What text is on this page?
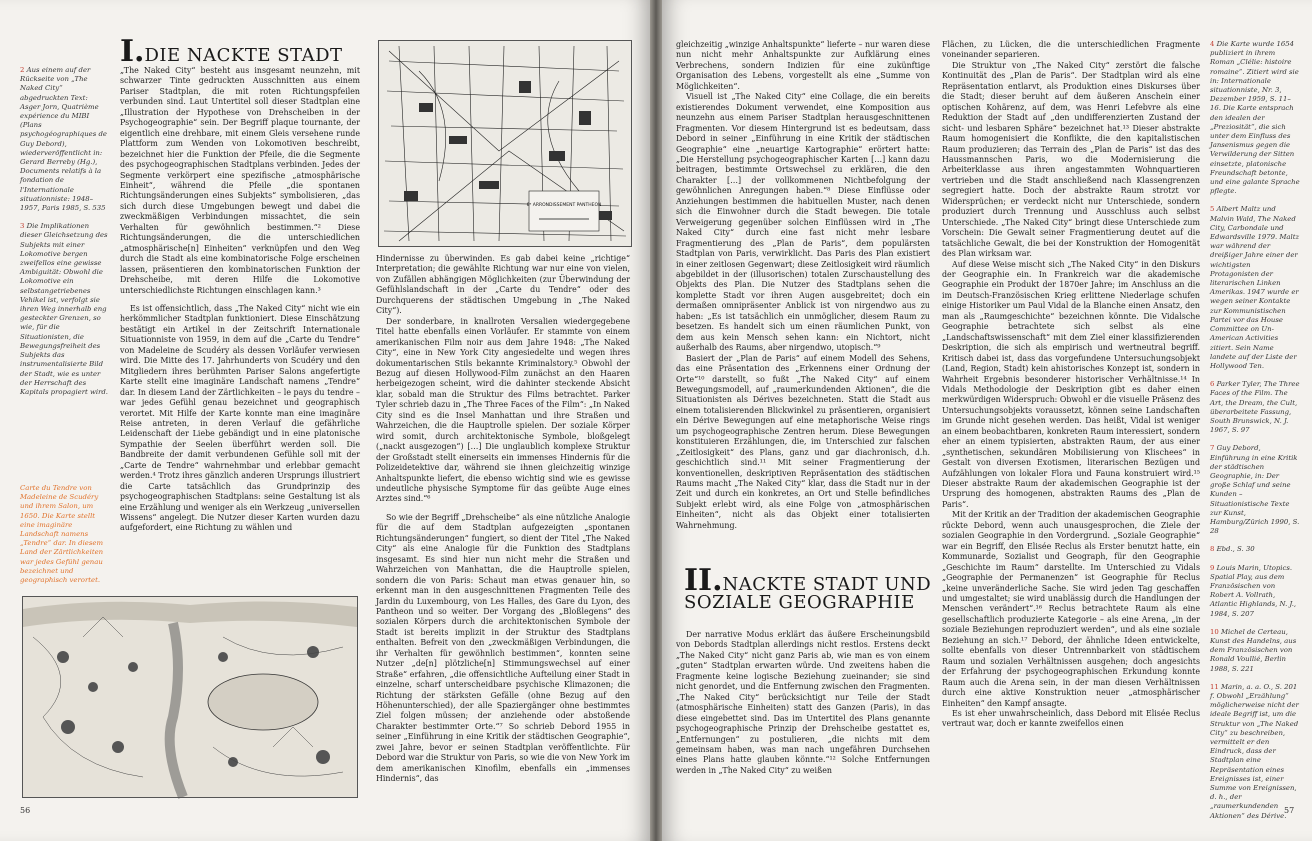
2 Aus einem auf der Rückseite von „The Naked City“ abgedruckten Text: Asger Jorn, Quatrième expérience du MIBI (Plans psychogéographiques de Guy Debord), wiederveröffentlicht in: Gerard Berreby (Hg.), Documents relatifs à la fondation de l'Internationale situationniste: 1948–1957, Paris 1985, S. 535

3 Die Implikationen dieser Gleichsetzung des Subjekts mit einer Lokomotive bergen zweifellos eine gewisse Ambiguität: Obwohl die Lokomotive ein selbstangetriebenes Vehikel ist, verfolgt sie ihren Weg innerhalb eng gesteckter Grenzen, so wie, für die Situationisten, die Bewegungsfreiheit des Subjekts das instrumentalisierte Bild der Stadt, wie es unter der Herrschaft des Kapitals propagiert wird.

Carte du Tendre von Madeleine de Scudéry und ihrem Salon, um 1650. Die Karte stellt eine imaginäre Landschaft namens „Tendre“ dar. In diesem Land der Zärtlichkeiten war jedes Gefühl genau bezeichnet und geographisch verortet.
I.DIE NACKTE STADT

„The Naked City“ besteht aus insgesamt neunzehn, mit schwarzer Tinte gedruckten Ausschnitten aus einem Pariser Stadtplan, die mit roten Richtungspfeilen verbunden sind. Laut Untertitel soll dieser Stadtplan eine „Illustration der Hypothese von Drehscheiben in der Psychogeographie“ sein. Der Begriff plaque tournante, der eigentlich eine drehbare, mit einem Gleis versehene runde Plattform zum Wenden von Lokomotiven beschreibt, bezeichnet hier die Funktion der Pfeile, die die Segmente des psychogeographischen Stadtplans verbinden. Jedes der Segmente verkörpert eine spezifische „atmosphärische Einheit“, während die Pfeile „die spontanen Richtungsänderungen eines Subjekts“ symbolisieren, „das sich durch diese Umgebungen bewegt und dabei die zweckmäßigen Verbindungen missachtet, die sein Verhalten für gewöhnlich bestimmen.“² Diese Richtungsänderungen, die die unterschiedlichen „atmosphärische[n] Einheiten“ verknüpfen und den Weg durch die Stadt als eine kombinatorische Folge erscheinen lassen, präsentieren den kombinatorischen Funktion der Drehscheibe, mit deren Hilfe die Lokomotive unterschiedlichste Richtungen einschlagen kann.³

Es ist offensichtlich, dass „The Naked City“ nicht wie ein herkömmlicher Stadtplan funktioniert. Diese Einschätzung bestätigt ein Artikel in der Zeitschrift Internationale Situationniste von 1959, in dem auf die „Carte du Tendre“ von Madeleine de Scudéry als dessen Vorläufer verwiesen wird. Die Mitte des 17. Jahrhunderts von Scudéry und den Mitgliedern ihres berühmten Pariser Salons angefertigte Karte stellt eine imaginäre Landschaft namens „Tendre“ dar. In diesem Land der Zärtlichkeiten – le pays du tendre – war jedes Gefühl genau bezeichnet und geographisch verortet. Mit Hilfe der Karte konnte man eine imaginäre Reise antreten, in deren Verlauf die gefährliche Leidenschaft der Liebe gebändigt und in eine platonische Sympathie der Seelen überführt werden soll. Die Bandbreite der damit verbundenen Gefühle soll mit der „Carte de Tendre“ wahrnehmbar und erlebbar gemacht werden.⁴ Trotz ihres gänzlich anderen Ursprungs illustriert die Carte tatsächlich das Grundprinzip des psychogeographischen Stadtplans: seine Gestaltung ist als eine Erzählung und weniger als ein Werkzeug „universellen Wissens“ angelegt. Die Nutzer dieser Karten wurden dazu aufgefordert, eine Richtung zu wählen und

6ᵉ ARRONDISSEMENT PANTHEON

Hindernisse zu überwinden. Es gab dabei keine „richtige“ Interpretation; die gewählte Richtung war nur eine von vielen, von Zufällen abhängigen Möglichkeiten (zur Überwindung der Gefühlslandschaft in der „Carte du Tendre“ oder des Durchquerens der städtischen Umgebung in „The Naked City“).

Der sonderbare, in knallroten Versalien wiedergegebene Titel hatte ebenfalls einen Vorläufer. Er stammte von einem amerikanischen Film noir aus dem Jahre 1948: „The Naked City“, eine in New York City angesiedelte und wegen ihres dokumentarischen Stils bekannte Kriminalstory.⁵ Obwohl der Bezug auf diesen Hollywood-Film zunächst an den Haaren herbeigezogen scheint, wird die dahinter steckende Absicht klar, sobald man die Struktur des Films betrachtet. Parker Tyler schrieb dazu in „The Three Faces of the Film“: „In Naked City sind es die Insel Manhattan und ihre Straßen und Wahrzeichen, die die Hauptrolle spielen. Der soziale Körper wird somit, durch architektonische Symbole, bloßgelegt („nackt ausgezogen“) […] Die unglaublich komplexe Struktur der Großstadt stellt einerseits ein immenses Hindernis für die Polizeidetektive dar, während sie ihnen gleichzeitig winzige Anhaltspunkte liefert, die ebenso wichtig sind wie es gewisse undeutliche physische Symptome für das geübte Auge eines Arztes sind.“⁶

So wie der Begriff „Drehscheibe“ als eine nützliche Analogie für die auf dem Stadtplan aufgezeigten „spontanen Richtungsänderungen“ fungiert, so dient der Titel „The Naked City“ als eine Analogie für die Funktion des Stadtplans insgesamt. Es sind hier nun nicht mehr die Straßen und Wahrzeichen von Manhattan, die die Hauptrolle spielen, sondern die von Paris: Schaut man etwas genauer hin, so erkennt man in den ausgeschnittenen Fragmenten Teile des Jardin du Luxembourg, von Les Halles, des Gare du Lyon, des Pantheon und so weiter. Der Vorgang des „Bloßlegens“ des sozialen Körpers durch die architektonischen Symbole der Stadt ist bereits implizit in der Struktur des Stadtplans enthalten. Befreit von den „zweckmäßigen Verbindungen, die ihr Verhalten für gewöhnlich bestimmen“, konnten seine Nutzer „de[n] plötzliche[n] Stimmungswechsel auf einer Straße“ erfahren, „die offensichtliche Aufteilung einer Stadt in einzelne, scharf unterscheidbare psychische Klimazonen; die Richtung der stärksten Gefälle (ohne Bezug auf den Höhenunterschied), der alle Spaziergänger ohne bestimmtes Ziel folgen müssen; der anziehende oder abstoßende Charakter bestimmter Orte.“⁷ So schrieb Debord 1955 in seiner „Einführung in eine Kritik der städtischen Geographie“, zwei Jahre, bevor er seinen Stadtplan veröffentlichte. Für Debord war die Struktur von Paris, so wie die von New York im dem amerikanischen Kinofilm, ebenfalls ein „immenses Hindernis“, das

56

gleichzeitig „winzige Anhaltspunkte“ lieferte – nur waren diese nun nicht mehr Anhaltspunkte zur Aufklärung eines Verbrechens, sondern Indizien für eine zukünftige Organisation des Lebens, vorgestellt als eine „Summe von Möglichkeiten“.

Visuell ist „The Naked City“ eine Collage, die ein bereits existierendes Dokument verwendet, eine Komposition aus neunzehn aus einem Pariser Stadtplan herausgeschnittenen Fragmenten. Vor diesem Hintergrund ist es bedeutsam, dass Debord in seiner „Einführung in eine Kritik der städtischen Geographie“ eine „neuartige Kartographie“ erörtert hatte: „Die Herstellung psychogeographischer Karten […] kann dazu beitragen, bestimmte Ortswechsel zu erklären, die den Charakter […] der vollkommenen Nichtbefolgung der gewöhnlichen Anregungen haben.“⁸ Diese Einflüsse oder Anziehungen bestimmen die habituellen Muster, nach denen sich die Einwohner durch die Stadt bewegen. Die totale Verweigerung gegenüber solchen Einflüssen wird in „The Naked City“ durch eine fast nicht mehr lesbare Fragmentierung des „Plan de Paris“, dem populärsten Stadtplan von Paris, verwirklicht. Das Paris des Plan existiert in einer zeitlosen Gegenwart; diese Zeitlosigkeit wird räumlich abgebildet in der (illusorischen) totalen Zurschaustellung des Objekts des Plan. Die Nutzer des Stadtplans sehen die komplette Stadt vor ihren Augen ausgebreitet; doch ein dermaßen omnipräsenter Anblick ist von nirgendwo aus zu haben: „Es ist tatsächlich ein unmöglicher, diesem Raum zu besetzen. Es handelt sich um einen räumlichen Punkt, von dem aus kein Mensch sehen kann: ein Nichtort, nicht außerhalb des Raums, aber nirgendwo, utopisch.“⁹

Basiert der „Plan de Paris“ auf einem Modell des Sehens, das eine Präsentation des „Erkennens einer Ordnung der Orte“¹⁰ darstellt, so fußt „The Naked City“ auf einem Bewegungsmodell, auf „raumerkundenden Aktionen“, die die Situationisten als Dérives bezeichneten. Statt die Stadt aus einem totalisierenden Blickwinkel zu präsentieren, organisiert ein Dérive Bewegungen auf eine metaphorische Weise rings um psychogeographische Zentren herum. Diese Bewegungen konstituieren Erzählungen, die, im Unterschied zur falschen „Zeitlosigkeit“ des Plans, ganz und gar diachronisch, d.h. geschichtlich sind.¹¹ Mit seiner Fragmentierung der konventionellen, deskriptiven Repräsentation des städtischen Raums macht „The Naked City“ klar, dass die Stadt nur in der Zeit und durch ein konkretes, an Ort und Stelle befindliches Subjekt erlebt wird, als eine Folge von „atmosphärischen Einheiten“, nicht als das Objekt einer totalisierten Wahrnehmung.

II.NACKTE STADT UND
SOZIALE GEOGRAPHIE

Der narrative Modus erklärt das äußere Erscheinungsbild von Debords Stadtplan allerdings nicht restlos. Erstens deckt „The Naked City“ nicht ganz Paris ab, wie man es von einem „guten“ Stadtplan erwarten würde. Und zweitens haben die Fragmente keine logische Beziehung zueinander; sie sind nicht genordet, und die Entfernung zwischen den Fragmenten. „The Naked City“ berücksichtigt nur Teile der Stadt (atmosphärische Einheiten) statt des Ganzen (Paris), in das diese eingebettet sind. Das im Untertitel des Plans genannte psychogeographische Prinzip der Drehscheibe gestattet es, „Entfernungen“ zu postulieren, „die nichts mit dem gemeinsam haben, was man nach ungefähren Durchsehen eines Plans hatte glauben könnte.“¹² Solche Entfernungen werden in „The Naked City“ zu weißen

Flächen, zu Lücken, die die unterschiedlichen Fragmente voneinander separieren.

Die Struktur von „The Naked City“ zerstört die falsche Kontinuität des „Plan de Paris“. Der Stadtplan wird als eine Repräsentation entlarvt, als Produktion eines Diskurses über die Stadt; dieser beruht auf dem äußeren Anschein einer optischen Kohärenz, auf dem, was Henri Lefebvre als eine Reduktion der Stadt auf „den undifferenzierten Zustand der sicht- und lesbaren Sphäre“ bezeichnet hat.¹³ Dieser abstrakte Raum homogenisiert die Konflikte, die den kapitalistischen Raum produzieren; das Terrain des „Plan de Paris“ ist das des Haussmannschen Paris, wo die Modernisierung die Arbeiterklasse aus ihren angestammten Wohnquartieren vertrieben und die Stadt anschließend nach Klassengrenzen segregiert hatte. Doch der abstrakte Raum strotzt vor Widersprüchen; er verdeckt nicht nur Unterschiede, sondern produziert durch Trennung und Ausschluss auch selbst Unterschiede. „The Naked City“ bringt diese Unterschiede zum Vorschein: Die Gewalt seiner Fragmentierung deutet auf die tatsächliche Gewalt, die bei der Konstruktion der Homogenität des Plan wirksam war.

Auf diese Weise mischt sich „The Naked City“ in den Diskurs der Geographie ein. In Frankreich war die akademische Geographie ein Produkt der 1870er Jahre; im Anschluss an die im Deutsch-Französischen Krieg erlittene Niederlage schufen einige Historiker um Paul Vidal de la Blanche einen Ansatz, den man als „Raumgeschichte“ bezeichnen könnte. Die Vidalsche Geographie betrachtete sich selbst als eine „Landschaftswissenschaft“ mit dem Ziel einer klassifizierenden Deskription, die sich als empirisch und wertneutral begriff. Kritisch dabei ist, dass das vorgefundene Untersuchungsobjekt (Land, Region, Stadt) kein ahistorisches Konzept ist, sondern in Wahrheit Ergebnis besonderer historischer Verhältnisse.¹⁴ In Vidals Methodologie der Deskription gibt es daher einen merkwürdigen Widerspruch: Obwohl er die visuelle Präsenz des Untersuchungsobjekts voraussetzt, können seine Landschaften im Grunde nicht gesehen werden. Das heißt, Vidal ist weniger an einem beobachtbaren, konkreten Raum interessiert, sondern eher an einem typisierten, abstrakten Raum, der aus einer „synthetischen, sekundären Mobilisierung von Klischees“ in Gestalt von diversen Exotismen, literarischen Bezügen und Aufzählungen von lokaler Flora und Fauna konstruiert wird.¹⁵ Dieser abstrakte Raum der akademischen Geographie ist der Ursprung des homogenen, abstrakten Raums des „Plan de Paris“.

Mit der Kritik an der Tradition der akademischen Geographie rückte Debord, wenn auch unausgesprochen, die Ziele der sozialen Geographie in den Vordergrund. „Soziale Geographie“ war ein Begriff, den Elisée Reclus als Erster benutzt hatte, ein Kommunarde, Sozialist und Geograph, für den Geographie „Geschichte im Raum“ darstellte. Im Unterschied zu Vidals „Geographie der Permanenzen“ ist Geographie für Reclus „keine unveränderliche Sache. Sie wird jeden Tag geschaffen und umgestaltet; sie wird unablässig durch die Handlungen der Menschen verändert“.¹⁶ Reclus betrachtete Raum als eine gesellschaftlich produzierte Kategorie – als eine Arena, „in der soziale Beziehungen reproduziert werden“, und als eine soziale Beziehung an sich.¹⁷ Debord, der ähnliche Ideen entwickelte, sollte ebenfalls von dieser Untrennbarkeit von städtischem Raum und sozialen Verhältnissen ausgehen; doch angesichts der Erfahrung der psychogeographischen Erkundung konnte Raum auch die Arena sein, in der man diesen Verhältnissen durch eine aktive Konstruktion neuer „atmosphärischer Einheiten“ den Kampf ansagte.

Es ist eher unwahrscheinlich, dass Debord mit Elisée Reclus vertraut war, doch er kannte zweifellos einen

4 Die Karte wurde 1654 publiziert in ihrem Roman „Clélie: histoire romaine“. Zitiert wird sie in: Internationale situationniste, Nr. 3, Dezember 1959, S. 11–16. Die Karte entsprach den idealen der „Preziosität“, die sich unter dem Einfluss des Jansenismus gegen die Verwilderung der Sitten einsetzte, platonische Freundschaft betonte, und eine galante Sprache pflegte.

5 Albert Maltz und Malvin Wald, The Naked City, Carbondale und Edwardsville 1979. Maltz war während der dreißiger Jahre einer der wichtigsten Protagonisten der literarischen Linken Amerikas. 1947 wurde er wegen seiner Kontakte zur Kommunistischen Partei vor das House Committee on Un-American Activities zitiert. Sein Name landete auf der Liste der Hollywood Ten.

6 Parker Tyler, The Three Faces of the Film. The Art, the Dream, the Cult, überarbeitete Fassung, South Brunswick, N. J. 1967, S. 97

7 Guy Debord, Einführung in eine Kritik der städtischen Geographie, in: Der große Schlaf und seine Kunden – Situationistische Texte zur Kunst, Hamburg/Zürich 1990, S. 28

8 Ebd., S. 30

9 Louis Marin, Utopics. Spatial Play, aus dem Französischen von Robert A. Vollrath, Atlantic Highlands, N. J., 1984, S. 207

10 Michel de Certeau, Kunst des Handelns, aus dem Französischen von Ronald Voullié, Berlin 1988, S. 221

11 Marin, a. a. O., S. 201 f. Obwohl „Erzählung“ möglicherweise nicht der ideale Begriff ist, um die Struktur von „The Naked City“ zu beschreiben, vermittelt er den Eindruck, dass der Stadtplan eine Repräsentation eines Ereignisses ist, einer Summe von Ereignissen, d. h., der „raumerkundenden Aktionen“ des Dérive.

57
